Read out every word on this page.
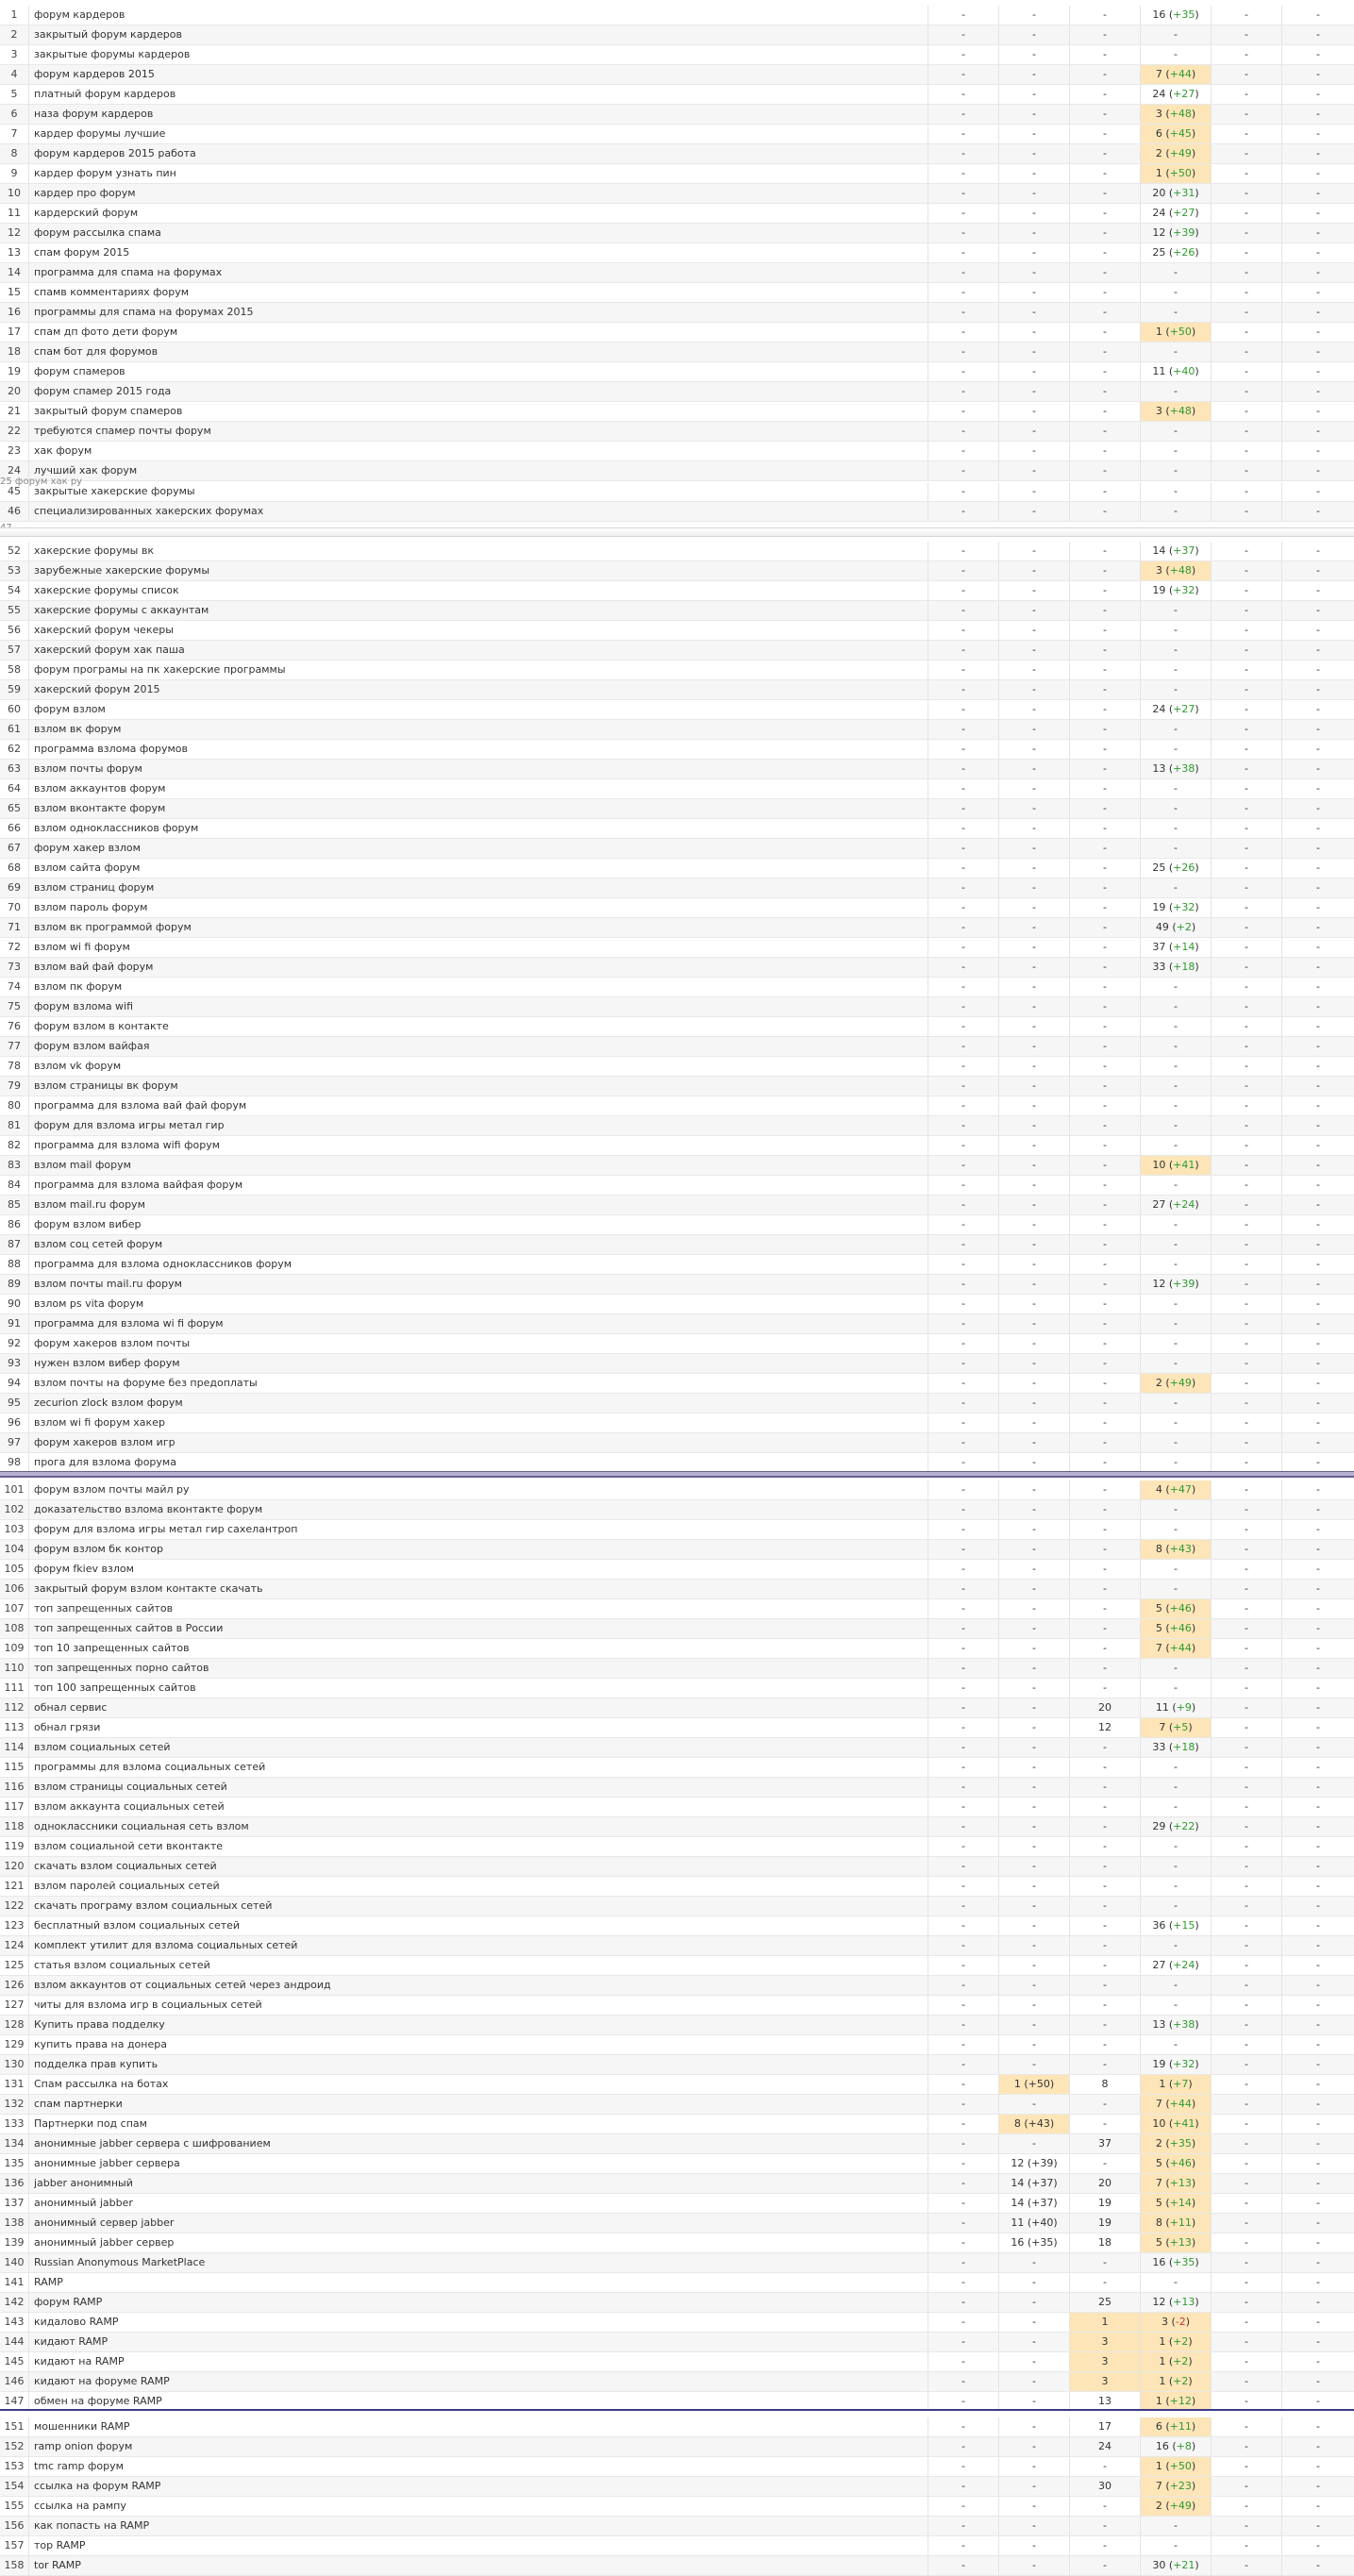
1	форум кардеров	-	-	-	16 (+35)	-	-
2	закрытый форум кардеров	-	-	-	-	-	-
3	закрытые форумы кардеров	-	-	-	-	-	-
4	форум кардеров 2015	-	-	-	7 (+44)	-	-
5	платный форум кардеров	-	-	-	24 (+27)	-	-
6	наза форум кардеров	-	-	-	3 (+48)	-	-
7	кардер форумы лучшие	-	-	-	6 (+45)	-	-
8	форум кардеров 2015 работа	-	-	-	2 (+49)	-	-
9	кардер форум узнать пин	-	-	-	1 (+50)	-	-
10	кардер про форум	-	-	-	20 (+31)	-	-
11	кардерский форум	-	-	-	24 (+27)	-	-
12	форум рассылка спама	-	-	-	12 (+39)	-	-
13	спам форум 2015	-	-	-	25 (+26)	-	-
14	программа для спама на форумах	-	-	-	-	-	-
15	спамв комментариях форум	-	-	-	-	-	-
16	программы для спама на форумах 2015	-	-	-	-	-	-
17	спам дп фото дети форум	-	-	-	1 (+50)	-	-
18	спам бот для форумов	-	-	-	-	-	-
19	форум спамеров	-	-	-	11 (+40)	-	-
20	форум спамер 2015 года	-	-	-	-	-	-
21	закрытый форум спамеров	-	-	-	3 (+48)	-	-
22	требуются спамер почты форум	-	-	-	-	-	-
23	хак форум	-	-	-	-	-	-
24	лучший хак форум	-	-	-	-	-	-
45	закрытые хакерские форумы	-	-	-	-	-	-
46	специализированных хакерских форумах	-	-	-	-	-	-
52	хакерские форумы вк	-	-	-	14 (+37)	-	-
53	зарубежные хакерские форумы	-	-	-	3 (+48)	-	-
54	хакерские форумы список	-	-	-	19 (+32)	-	-
55	хакерские форумы с аккаунтам	-	-	-	-	-	-
56	хакерский форум чекеры	-	-	-	-	-	-
57	хакерский форум хак паша	-	-	-	-	-	-
58	форум програмы на пк хакерские программы	-	-	-	-	-	-
59	хакерский форум 2015	-	-	-	-	-	-
60	форум взлом	-	-	-	24 (+27)	-	-
61	взлом вк форум	-	-	-	-	-	-
62	программа взлома форумов	-	-	-	-	-	-
63	взлом почты форум	-	-	-	13 (+38)	-	-
64	взлом аккаунтов форум	-	-	-	-	-	-
65	взлом вконтакте форум	-	-	-	-	-	-
66	взлом одноклассников форум	-	-	-	-	-	-
67	форум хакер взлом	-	-	-	-	-	-
68	взлом сайта форум	-	-	-	25 (+26)	-	-
69	взлом страниц форум	-	-	-	-	-	-
70	взлом пароль форум	-	-	-	19 (+32)	-	-
71	взлом вк программой форум	-	-	-	49 (+2)	-	-
72	взлом wi fi форум	-	-	-	37 (+14)	-	-
73	взлом вай фай форум	-	-	-	33 (+18)	-	-
74	взлом пк форум	-	-	-	-	-	-
75	форум взлома wifi	-	-	-	-	-	-
76	форум взлом в контакте	-	-	-	-	-	-
77	форум взлом вайфая	-	-	-	-	-	-
78	взлом vk форум	-	-	-	-	-	-
79	взлом страницы вк форум	-	-	-	-	-	-
80	программа для взлома вай фай форум	-	-	-	-	-	-
81	форум для взлома игры метал гир	-	-	-	-	-	-
82	программа для взлома wifi форум	-	-	-	-	-	-
83	взлом mail форум	-	-	-	10 (+41)	-	-
84	программа для взлома вайфая форум	-	-	-	-	-	-
85	взлом mail.ru форум	-	-	-	27 (+24)	-	-
86	форум взлом вибер	-	-	-	-	-	-
87	взлом соц сетей форум	-	-	-	-	-	-
88	программа для взлома одноклассников форум	-	-	-	-	-	-
89	взлом почты mail.ru форум	-	-	-	12 (+39)	-	-
90	взлом ps vita форум	-	-	-	-	-	-
91	программа для взлома wi fi форум	-	-	-	-	-	-
92	форум хакеров взлом почты	-	-	-	-	-	-
93	нужен взлом вибер форум	-	-	-	-	-	-
94	взлом почты на форуме без предоплаты	-	-	-	2 (+49)	-	-
95	zecurion zlock взлом форум	-	-	-	-	-	-
96	взлом wi fi форум хакер	-	-	-	-	-	-
97	форум хакеров взлом игр	-	-	-	-	-	-
98	прога для взлома форума	-	-	-	-	-	-
101 форум взлом почты майл ру	-	-	-	4 (+47)	-	-
102 доказательство взлома вконтакте форум	-	-	-	-	-	-
103 форум для взлома игры метал гир сахелантроп	-	-	-	-	-	-
104 форум взлом бк контор	-	-	-	8 (+43)	-	-
105 форум fkiev взлом	-	-	-	-	-	-
106 закрытый форум взлом контакте скачать	-	-	-	-	-	-
107 топ запрещенных сайтов	-	-	-	5 (+46)	-	-
108 топ запрещенных сайтов в России	-	-	-	5 (+46)	-	-
109 топ 10 запрещенных сайтов	-	-	-	7 (+44)	-	-
110 топ запрещенных порно сайтов	-	-	-	-	-	-
111 топ 100 запрещенных сайтов	-	-	-	-	-	-
112 обнал сервис	-	-	20	11 (+9)	-	-
113 обнал грязи	-	-	12	7 (+5)	-	-
114 взлом социальных сетей	-	-	-	33 (+18)	-	-
115 программы для взлома социальных сетей	-	-	-	-	-	-
116 взлом страницы социальных сетей	-	-	-	-	-	-
117 взлом аккаунта социальных сетей	-	-	-	-	-	-
118 одноклассники социальная сеть взлом	-	-	-	29 (+22)	-	-
119 взлом социальной сети вконтакте	-	-	-	-	-	-
120 скачать взлом социальных сетей	-	-	-	-	-	-
121 взлом паролей социальных сетей	-	-	-	-	-	-
122 скачать програму взлом социальных сетей	-	-	-	-	-	-
123 бесплатный взлом социальных сетей	-	-	-	36 (+15)	-	-
124 комплект утилит для взлома социальных сетей	-	-	-	-	-	-
125 статья взлом социальных сетей	-	-	-	27 (+24)	-	-
126 взлом аккаунтов от социальных сетей через андроид	-	-	-	-	-	-
127 читы для взлома игр в социальных сетей	-	-	-	-	-	-
128 Купить права подделку	-	-	-	13 (+38)	-	-
129 купить права на донера	-	-	-	-	-	-
130 подделка прав купить	-	-	-	19 (+32)	-	-
131 Спам рассылка на ботах	-	1 (+50)	8	1 (+7)	-	-
132 спам партнерки	-	-	-	7 (+44)	-	-
133 Партнерки под спам	-	8 (+43)	-	10 (+41)	-	-
134 анонимные jabber сервера с шифрованием	-	-	37	2 (+35)	-	-
135 анонимные jabber сервера	-	12 (+39)	-	5 (+46)	-	-
136 jabber анонимный	-	14 (+37)	20	7 (+13)	-	-
137 анонимный jabber	-	14 (+37)	19	5 (+14)	-	-
138 анонимный сервер jabber	-	11 (+40)	19	8 (+11)	-	-
139 анонимный jabber сервер	-	16 (+35)	18	5 (+13)	-	-
140 Russian Anonymous MarketPlace	-	-	-	16 (+35)	-	-
141 RAMP	-	-	-	-	-	-
142 форум RAMP	-	-	25	12 (+13)	-	-
143 кидалово RAMP	-	-	1	3 (-2)	-	-
144 кидают RAMP	-	-	3	1 (+2)	-	-
145 кидают на RAMP	-	-	3	1 (+2)	-	-
146 кидают на форуме RAMP	-	-	3	1 (+2)	-	-
147 обмен на форуме RAMP	-	-	13	1 (+12)	-	-
151 мошенники RAMP	-	-	17	6 (+11)	-	-
152 ramp onion форум	-	-	24	16 (+8)	-	-
153 tmc ramp форум	-	-	-	1 (+50)	-	-
154 ссылка на форум RAMP	-	-	30	7 (+23)	-	-
155 ссылка на рампу	-	-	-	2 (+49)	-	-
156 как попасть на RAMP	-	-	-	-	-	-
157 тор RAMP	-	-	-	-	-	-
158 tor RAMP	-	-	-	30 (+21)	-	-
25 форум хак ру
